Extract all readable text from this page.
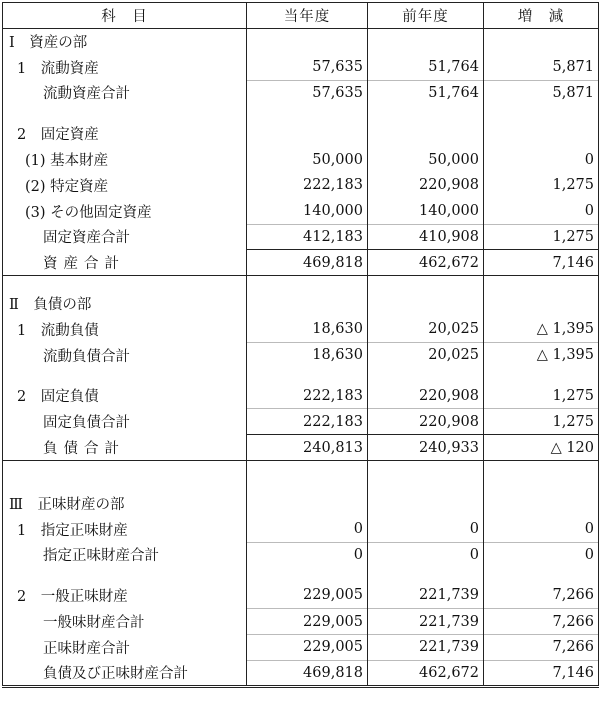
科　目	当年度	前年度	増　減
Ⅰ　資産の部			
1　流動資産	57,635	51,764	5,871
流動資産合計	57,635	51,764	5,871

2　固定資産			
(1) 基本財産	50,000	50,000	0
(2) 特定資産	222,183	220,908	1,275
(3) その他固定資産	140,000	140,000	0
固定資産合計	412,183	410,908	1,275
資産合計	469,818	462,672	7,146

Ⅱ　負債の部			
1　流動負債	18,630	20,025	△ 1,395
流動負債合計	18,630	20,025	△ 1,395

2　固定負債	222,183	220,908	1,275
固定負債合計	222,183	220,908	1,275
負債合計	240,813	240,933	△ 120

Ⅲ　正味財産の部			
1　指定正味財産	0	0	0
指定正味財産合計	0	0	0

2　一般正味財産	229,005	221,739	7,266
一般味財産合計	229,005	221,739	7,266
正味財産合計	229,005	221,739	7,266
負債及び正味財産合計	469,818	462,672	7,146
